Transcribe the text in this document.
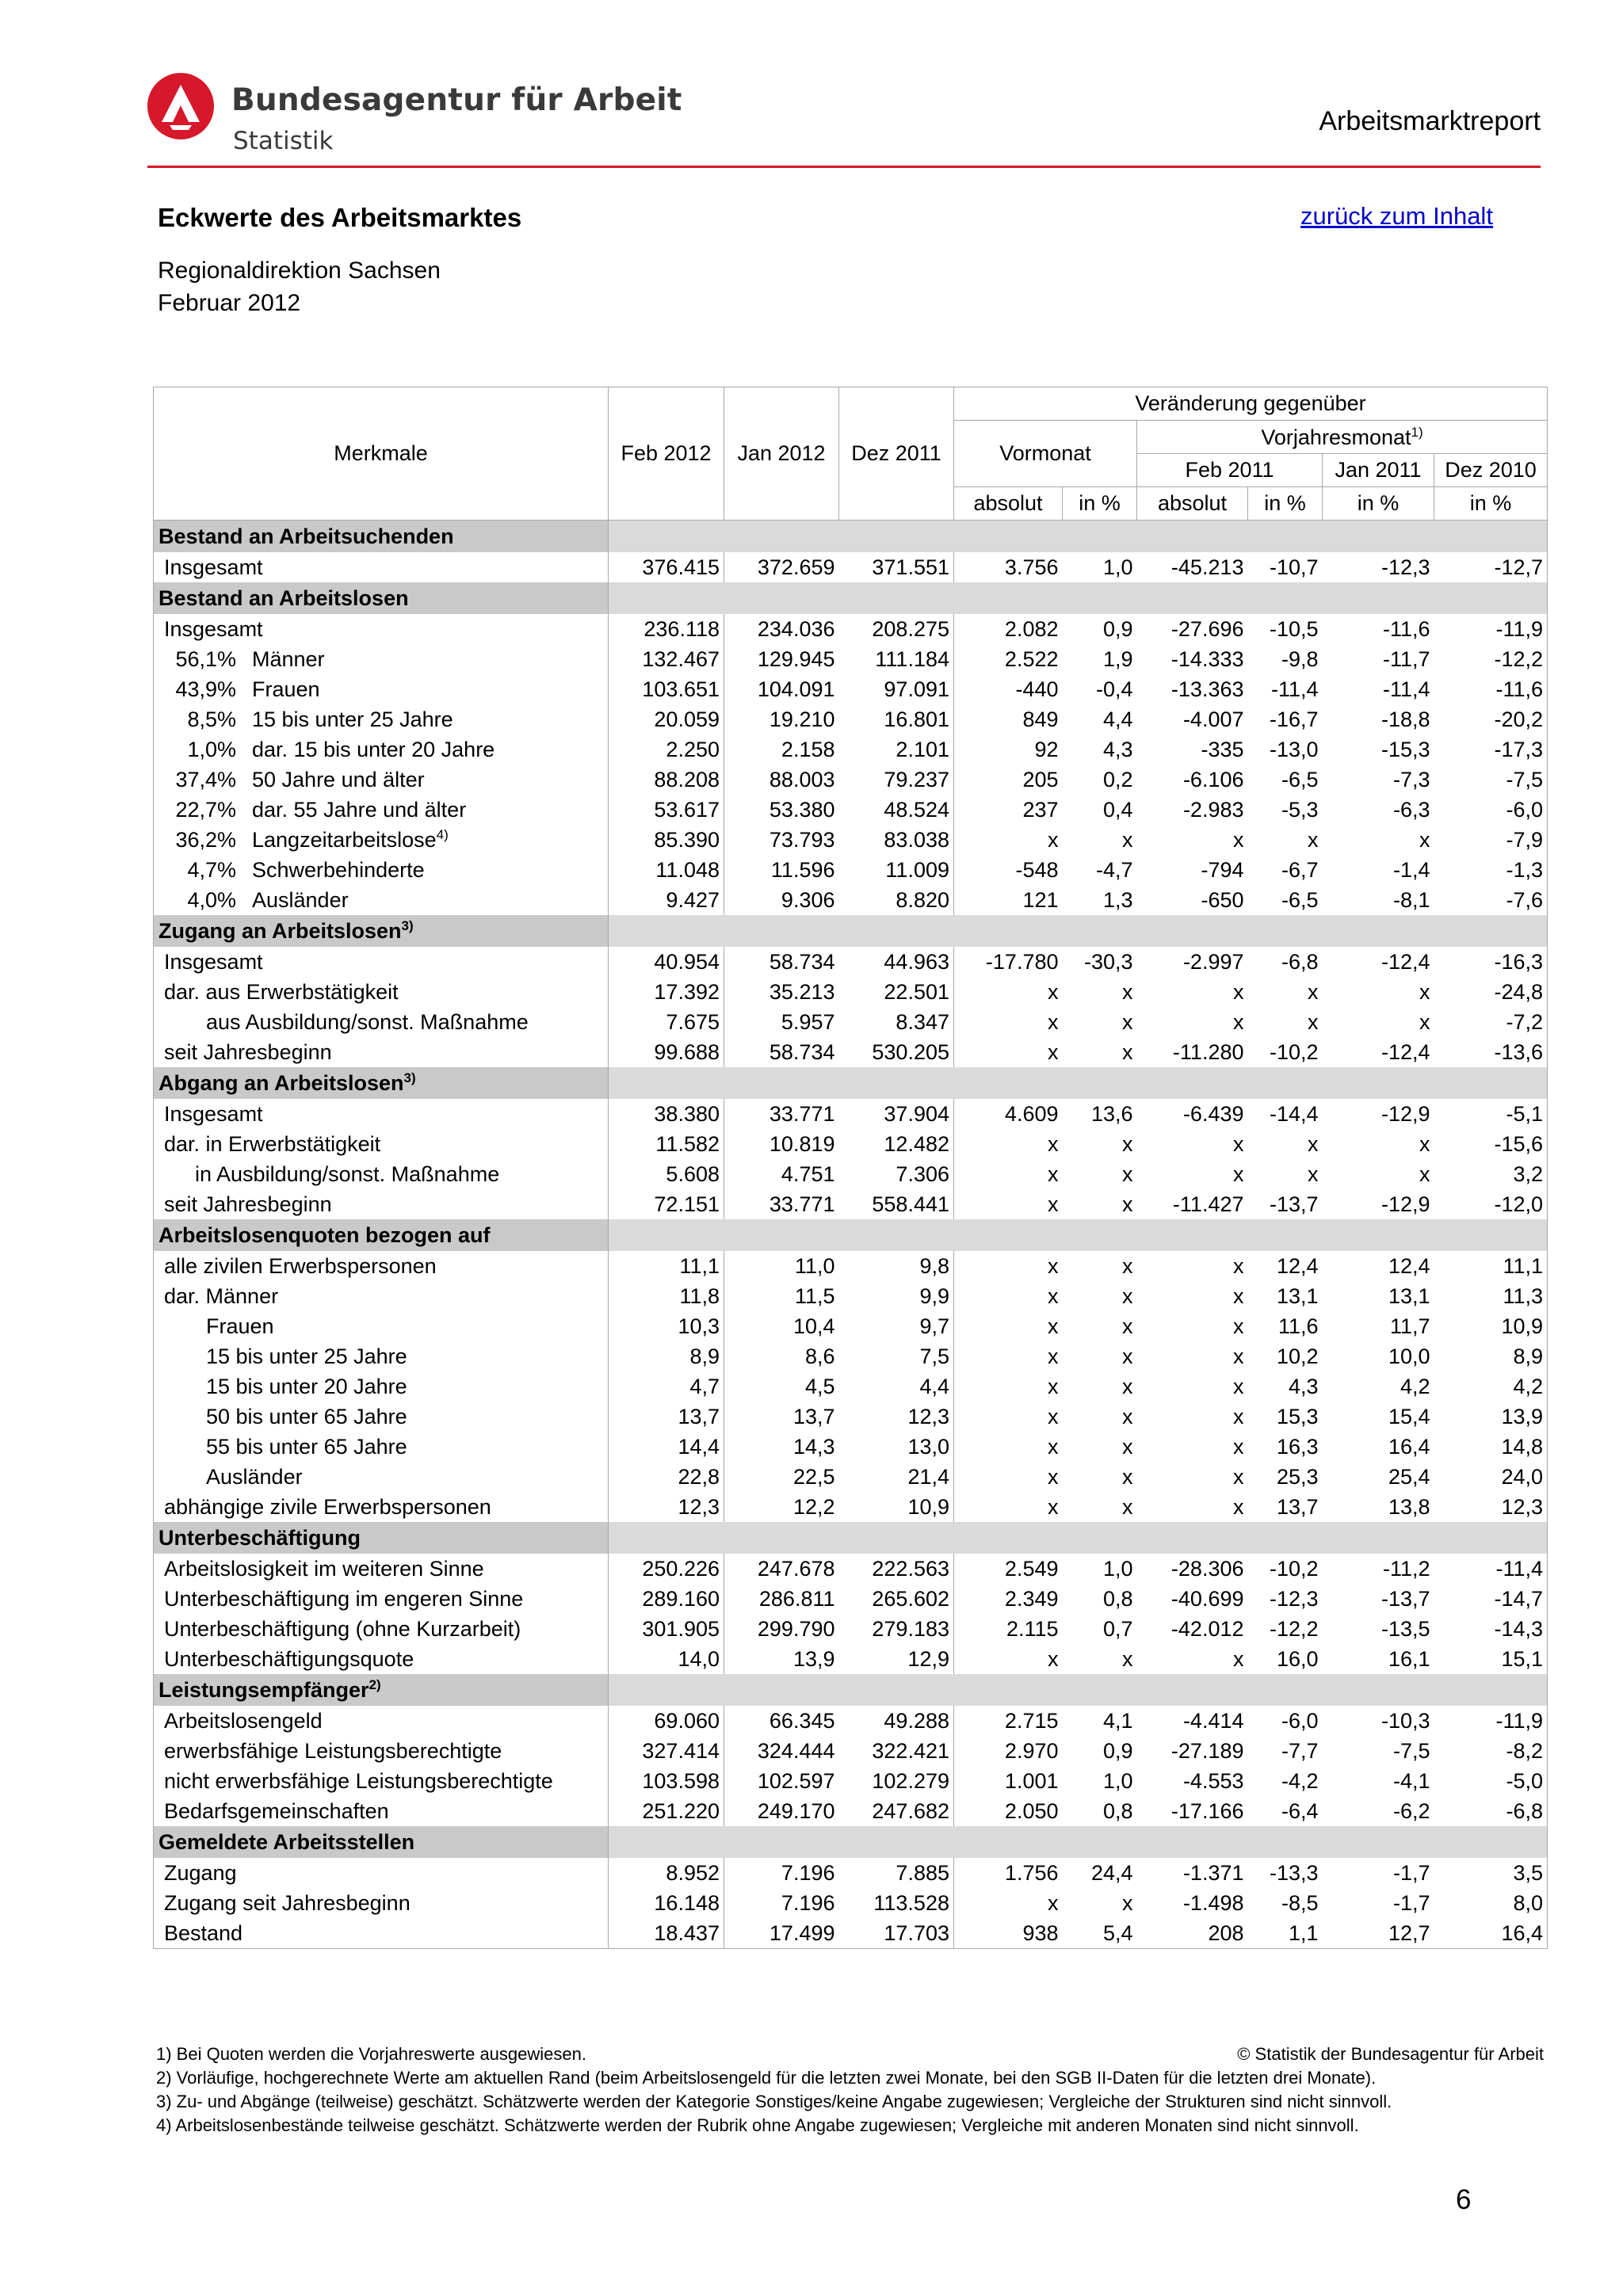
Bundesagentur für Arbeit
Statistik
Arbeitsmarktreport
Eckwerte des Arbeitsmarktes	zurück zum Inhalt
Regionaldirektion Sachsen
Februar 2012
Merkmale	Feb 2012	Jan 2012	Dez 2011	Veränderung gegenüber					
				Vormonat		Vorjahresmonat$^{1)}$
						Feb 2011		Jan 2011	Dez 2010
				absolut	in %	absolut	in %	in %	in %
Bestand an Arbeitsuchenden									
Insgesamt	376.415	372.659	371.551	3.756	1,0	-45.213	-10,7	-12,3	-12,7
Bestand an Arbeitslosen									
Insgesamt	236.118	234.036	208.275	2.082	0,9	-27.696	-10,5	-11,6	-11,9
56,1% Männer	132.467	129.945	111.184	2.522	1,9	-14.333	-9,8	-11,7	-12,2
43,9% Frauen	103.651	104.091	97.091	-440	-0,4	-13.363	-11,4	-11,4	-11,6
8,5% 15 bis unter 25 Jahre	20.059	19.210	16.801	849	4,4	-4.007	-16,7	-18,8	-20,2
1,0% dar. 15 bis unter 20 Jahre	2.250	2.158	2.101	92	4,3	-335	-13,0	-15,3	-17,3
37,4% 50 Jahre und älter	88.208	88.003	79.237	205	0,2	-6.106	-6,5	-7,3	-7,5
22,7% dar. 55 Jahre und älter	53.617	53.380	48.524	237	0,4	-2.983	-5,3	-6,3	-6,0
36,2% Langzeitarbeitslose$^{4)}$	85.390	73.793	83.038	x	x	x	x	x	-7,9
4,7% Schwerbehinderte	11.048	11.596	11.009	-548	-4,7	-794	-6,7	-1,4	-1,3
4,0% Ausländer	9.427	9.306	8.820	121	1,3	-650	-6,5	-8,1	-7,6
Zugang an Arbeitslosen$^{3)}$	
Insgesamt	40.954	58.734	44.963	-17.780	-30,3	-2.997	-6,8	-12,4	-16,3
dar. aus Erwerbstätigkeit	17.392	35.213	22.501	x	x	x	x	x	-24,8
aus Ausbildung/sonst. Maßnahme	7.675	5.957	8.347	x	x	x	x	x	-7,2
seit Jahresbeginn	99.688	58.734	530.205	x	x	-11.280	-10,2	-12,4	-13,6
Abgang an Arbeitslosen$^{3)}$	
Insgesamt	38.380	33.771	37.904	4.609	13,6	-6.439	-14,4	-12,9	-5,1
dar. in Erwerbstätigkeit	11.582	10.819	12.482	x	x	x	x	x	-15,6
in Ausbildung/sonst. Maßnahme	5.608	4.751	7.306	x	x	x	x	x	3,2
seit Jahresbeginn	72.151	33.771	558.441	x	x	-11.427	-13,7	-12,9	-12,0
Arbeitslosenquoten bezogen auf									
alle zivilen Erwerbspersonen	11,1	11,0	9,8	x	x	x	12,4	12,4	11,1
dar. Männer	11,8	11,5	9,9	x	x	x	13,1	13,1	11,3
Frauen	10,3	10,4	9,7	x	x	x	11,6	11,7	10,9
15 bis unter 25 Jahre	8,9	8,6	7,5	x	x	x	10,2	10,0	8,9
15 bis unter 20 Jahre	4,7	4,5	4,4	x	x	x	4,3	4,2	4,2
50 bis unter 65 Jahre	13,7	13,7	12,3	x	x	x	15,3	15,4	13,9
55 bis unter 65 Jahre	14,4	14,3	13,0	x	x	x	16,3	16,4	14,8
Ausländer	22,8	22,5	21,4	x	x	x	25,3	25,4	24,0
abhängige zivile Erwerbspersonen	12,3	12,2	10,9	x	x	x	13,7	13,8	12,3
Unterbeschäftigung									
Arbeitslosigkeit im weiteren Sinne	250.226	247.678	222.563	2.549	1,0	-28.306	-10,2	-11,2	-11,4
Unterbeschäftigung im engeren Sinne	289.160	286.811	265.602	2.349	0,8	-40.699	-12,3	-13,7	-14,7
Unterbeschäftigung (ohne Kurzarbeit)	301.905	299.790	279.183	2.115	0,7	-42.012	-12,2	-13,5	-14,3
Unterbeschäftigungsquote	14,0	13,9	12,9	x	x	x	16,0	16,1	15,1
Leistungsempfänger$^{2)}$	
Arbeitslosengeld	69.060	66.345	49.288	2.715	4,1	-4.414	-6,0	-10,3	-11,9
erwerbsfähige Leistungsberechtigte	327.414	324.444	322.421	2.970	0,9	-27.189	-7,7	-7,5	-8,2
nicht erwerbsfähige Leistungsberechtigte	103.598	102.597	102.279	1.001	1,0	-4.553	-4,2	-4,1	-5,0
Bedarfsgemeinschaften	251.220	249.170	247.682	2.050	0,8	-17.166	-6,4	-6,2	-6,8
Gemeldete Arbeitsstellen									
Zugang	8.952	7.196	7.885	1.756	24,4	-1.371	-13,3	-1,7	3,5
Zugang seit Jahresbeginn	16.148	7.196	113.528	x	x	-1.498	-8,5	-1,7	8,0
Bestand	18.437	17.499	17.703	938	5,4	208	1,1	12,7	16,4
1) Bei Quoten werden die Vorjahreswerte ausgewiesen.	© Statistik der Bundesagentur für Arbeit
2) Vorläufige, hochgerechnete Werte am aktuellen Rand (beim Arbeitslosengeld für die letzten zwei Monate, bei den SGB II-Daten für die letzten drei Monate).
3) Zu- und Abgänge (teilweise) geschätzt. Schätzwerte werden der Kategorie Sonstiges/keine Angabe zugewiesen; Vergleiche der Strukturen sind nicht sinnvoll.
4) Arbeitslosenbestände teilweise geschätzt. Schätzwerte werden der Rubrik ohne Angabe zugewiesen; Vergleiche mit anderen Monaten sind nicht sinnvoll.
6
